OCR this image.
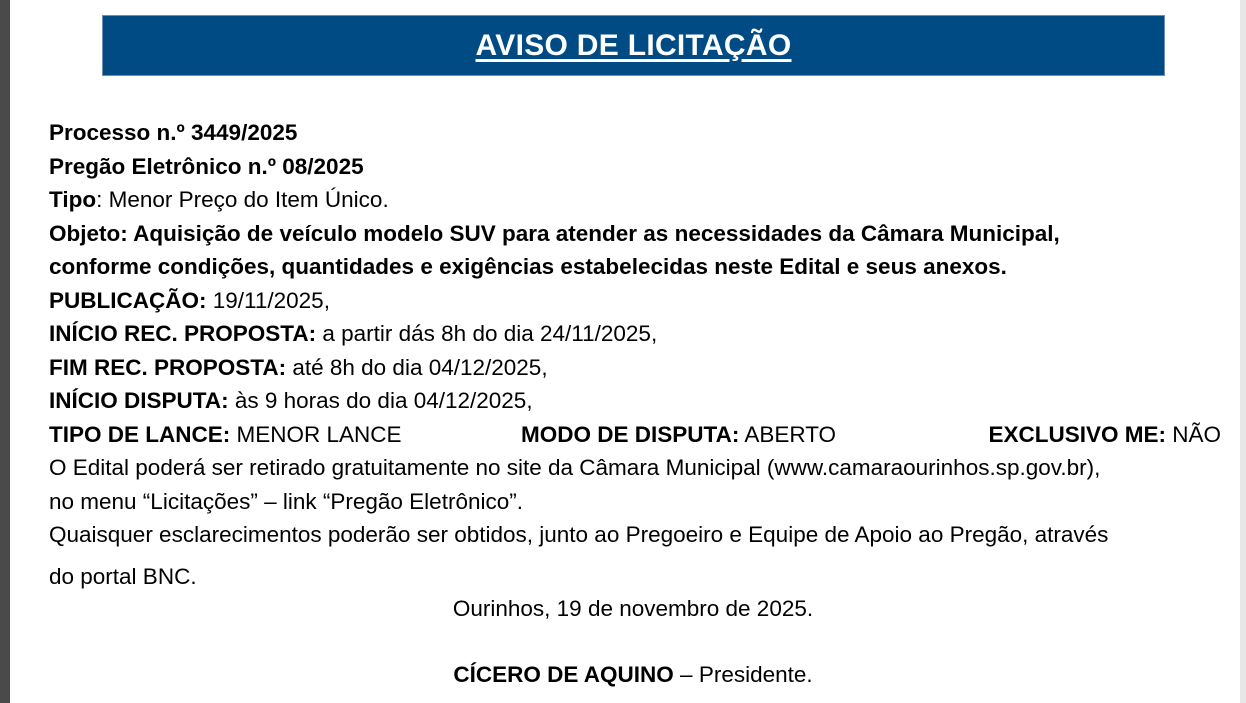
AVISO DE LICITAÇÃO
Processo n.º 3449/2025
Pregão Eletrônico n.º 08/2025
Tipo: Menor Preço do Item Único.
Objeto: Aquisição de veículo modelo SUV para atender as necessidades da Câmara Municipal,
conforme condições, quantidades e exigências estabelecidas neste Edital e seus anexos.
PUBLICAÇÃO: 19/11/2025,
INÍCIO REC. PROPOSTA: a partir dás 8h do dia 24/11/2025,
FIM REC. PROPOSTA: até 8h do dia 04/12/2025,
INÍCIO DISPUTA: às 9 horas do dia 04/12/2025,
TIPO DE LANCE: MENOR LANCE	MODO DE DISPUTA: ABERTO	EXCLUSIVO ME: NÃO
O Edital poderá ser retirado gratuitamente no site da Câmara Municipal (www.camaraourinhos.sp.gov.br),
no menu “Licitações” – link “Pregão Eletrônico”.
Quaisquer esclarecimentos poderão ser obtidos, junto ao Pregoeiro e Equipe de Apoio ao Pregão, através
do portal BNC.
Ourinhos, 19 de novembro de 2025.
CÍCERO DE AQUINO – Presidente.
